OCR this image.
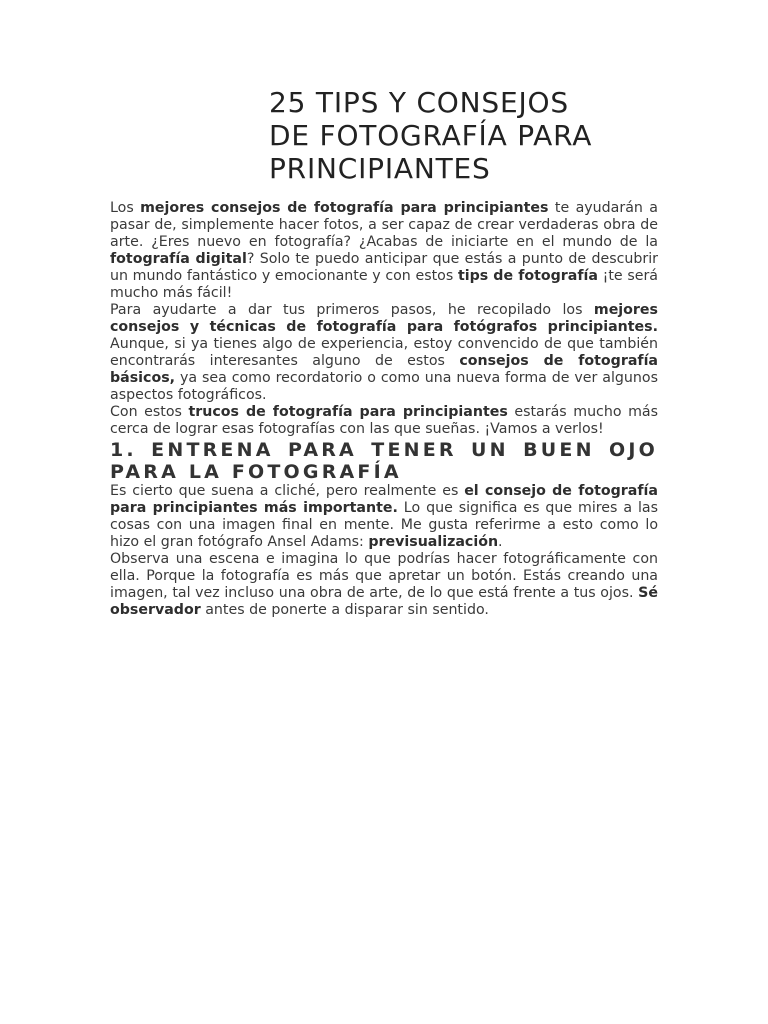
25 TIPS Y CONSEJOS
DE FOTOGRAFÍA PARA
PRINCIPIANTES

Los mejores consejos de fotografía para principiantes te ayudarán a pasar de, simplemente hacer fotos, a ser capaz de crear verdaderas obra de arte. ¿Eres nuevo en fotografía? ¿Acabas de iniciarte en el mundo de la fotografía digital? Solo te puedo anticipar que estás a punto de descubrir un mundo fantástico y emocionante y con estos tips de fotografía ¡te será mucho más fácil!

Para ayudarte a dar tus primeros pasos, he recopilado los mejores consejos y técnicas de fotografía para fotógrafos principiantes. Aunque, si ya tienes algo de experiencia, estoy convencido de que también encontrarás interesantes alguno de estos consejos de fotografía básicos, ya sea como recordatorio o como una nueva forma de ver algunos aspectos fotográficos.

Con estos trucos de fotografía para principiantes estarás mucho más cerca de lograr esas fotografías con las que sueñas. ¡Vamos a verlos!

1. ENTRENA PARA TENER UN BUEN OJO PARA LA FOTOGRAFÍA

Es cierto que suena a cliché, pero realmente es el consejo de fotografía para principiantes más importante. Lo que significa es que mires a las cosas con una imagen final en mente. Me gusta referirme a esto como lo hizo el gran fotógrafo Ansel Adams: previsualización.

Observa una escena e imagina lo que podrías hacer fotográficamente con ella. Porque la fotografía es más que apretar un botón. Estás creando una imagen, tal vez incluso una obra de arte, de lo que está frente a tus ojos. Sé observador antes de ponerte a disparar sin sentido.
